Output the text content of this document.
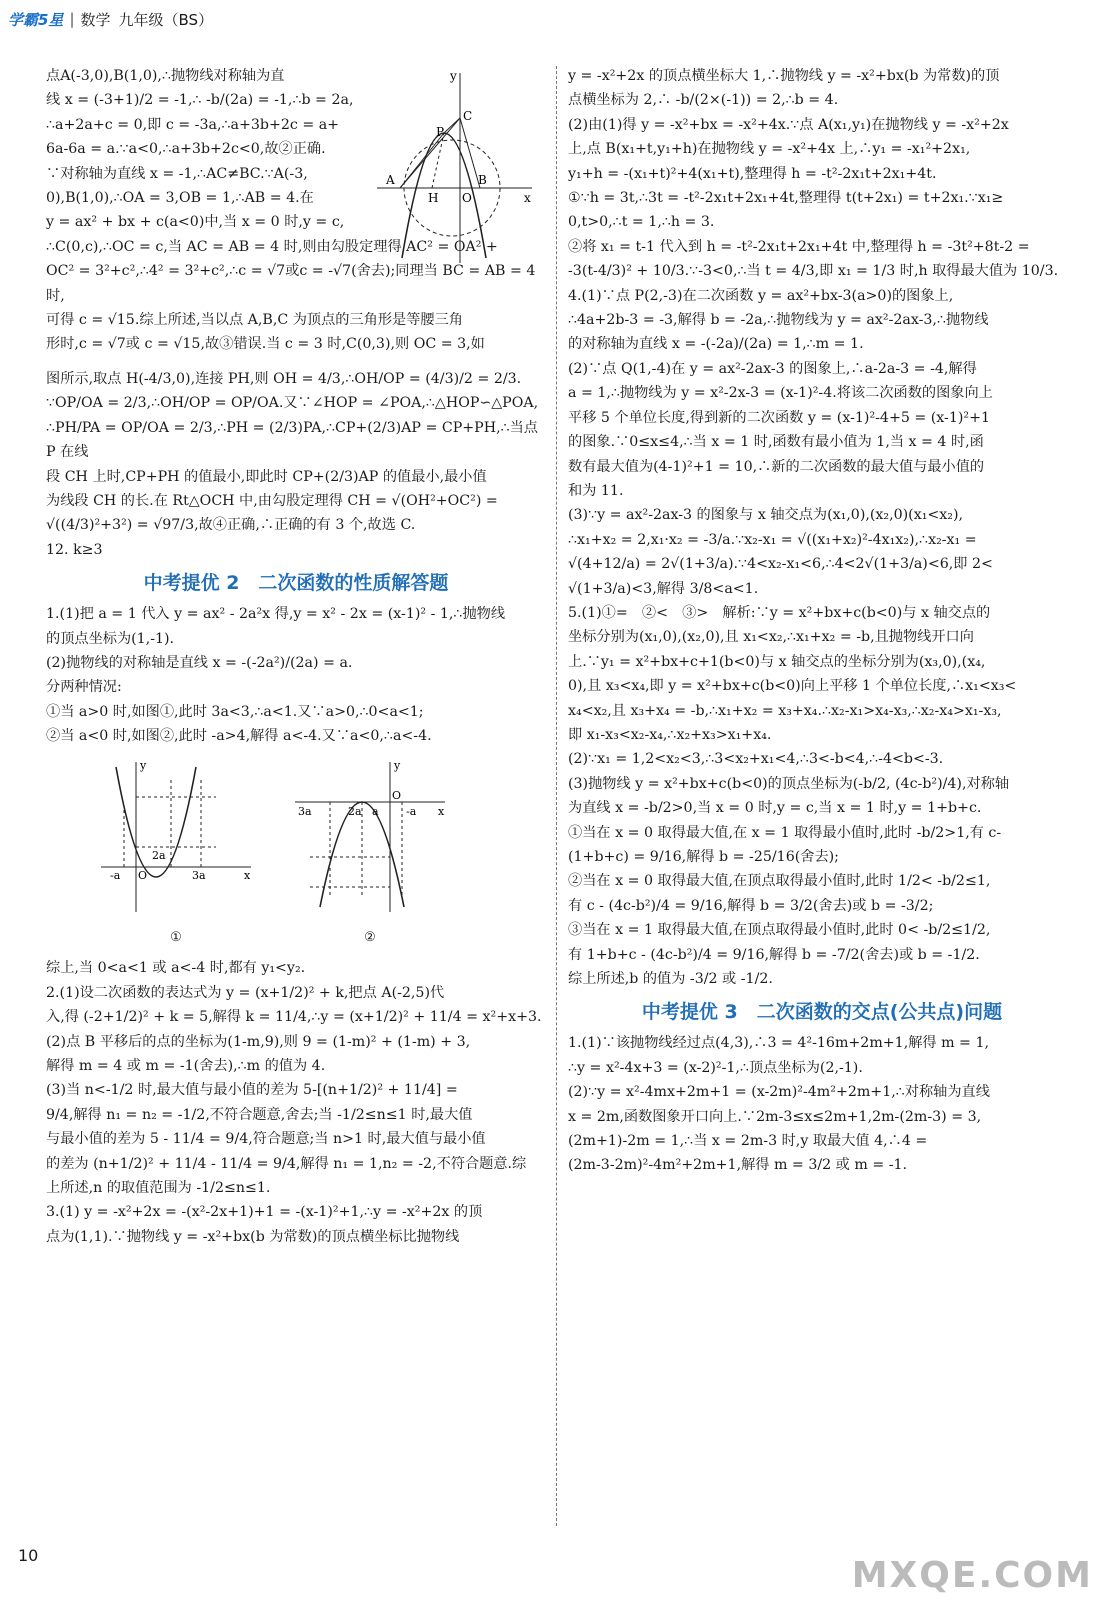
学霸5星 | 数学 九年级（BS）

点A(-3,0),B(1,0),∴抛物线对称轴为直

线 x = (-3+1)/2 = -1,∴ -b/(2a) = -1,∴b = 2a,

∴a+2a+c = 0,即 c = -3a,∴a+3b+2c = a+

6a-6a = a.∵a<0,∴a+3b+2c<0,故②正确.

∵对称轴为直线 x = -1,∴AC≠BC.∵A(-3,

0),B(1,0),∴OA = 3,OB = 1,∴AB = 4.在

y = ax² + bx + c(a<0)中,当 x = 0 时,y = c,

∴C(0,c),∴OC = c,当 AC = AB = 4 时,则由勾股定理得 AC² = OA² +

OC² = 3²+c²,∴4² = 3²+c²,∴c = √7或c = -√7(舍去);同理当 BC = AB = 4 时,

可得 c = √15.综上所述,当以点 A,B,C 为顶点的三角形是等腰三角

形时,c = √7或 c = √15,故③错误.当 c = 3 时,C(0,3),则 OC = 3,如

图所示,取点 H(-4/3,0),连接 PH,则 OH = 4/3,∴OH/OP = (4/3)/2 = 2/3.

∵OP/OA = 2/3,∴OH/OP = OP/OA.又∵∠HOP = ∠POA,∴△HOP∽△POA,

∴PH/PA = OP/OA = 2/3,∴PH = (2/3)PA,∴CP+(2/3)AP = CP+PH,∴当点 P 在线

段 CH 上时,CP+PH 的值最小,即此时 CP+(2/3)AP 的值最小,最小值

为线段 CH 的长.在 Rt△OCH 中,由勾股定理得 CH = √(OH²+OC²) =

√((4/3)²+3²) = √97/3,故④正确,∴正确的有 3 个,故选 C.

12. k≥3

中考提优 2　二次函数的性质解答题

1.(1)把 a = 1 代入 y = ax² - 2a²x 得,y = x² - 2x = (x-1)² - 1,∴抛物线

的顶点坐标为(1,-1).

(2)抛物线的对称轴是直线 x = -(-2a²)/(2a) = a.

分两种情况:

①当 a>0 时,如图①,此时 3a<3,∴a<1.又∵a>0,∴0<a<1;

②当 a<0 时,如图②,此时 -a>4,解得 a<-4.又∵a<0,∴a<-4.

y
2a
-a O	3a	x
①
y
3a	2a a
O
-a x
②

综上,当 0<a<1 或 a<-4 时,都有 y₁<y₂.

2.(1)设二次函数的表达式为 y = (x+1/2)² + k,把点 A(-2,5)代

入,得 (-2+1/2)² + k = 5,解得 k = 11/4,∴y = (x+1/2)² + 11/4 = x²+x+3.

(2)点 B 平移后的点的坐标为(1-m,9),则 9 = (1-m)² + (1-m) + 3,

解得 m = 4 或 m = -1(舍去),∴m 的值为 4.

(3)当 n<-1/2 时,最大值与最小值的差为 5-[(n+1/2)² + 11/4] =

9/4,解得 n₁ = n₂ = -1/2,不符合题意,舍去;当 -1/2≤n≤1 时,最大值

与最小值的差为 5 - 11/4 = 9/4,符合题意;当 n>1 时,最大值与最小值

的差为 (n+1/2)² + 11/4 - 11/4 = 9/4,解得 n₁ = 1,n₂ = -2,不符合题意.综

上所述,n 的取值范围为 -1/2≤n≤1.

3.(1) y = -x²+2x = -(x²-2x+1)+1 = -(x-1)²+1,∴y = -x²+2x 的顶

点为(1,1).∵抛物线 y = -x²+bx(b 为常数)的顶点横坐标比抛物线

y
P
C
A
H O
B
x

y = -x²+2x 的顶点横坐标大 1,∴抛物线 y = -x²+bx(b 为常数)的顶

点横坐标为 2,∴ -b/(2×(-1)) = 2,∴b = 4.

(2)由(1)得 y = -x²+bx = -x²+4x.∵点 A(x₁,y₁)在抛物线 y = -x²+2x

上,点 B(x₁+t,y₁+h)在抛物线 y = -x²+4x 上,∴y₁ = -x₁²+2x₁,

y₁+h = -(x₁+t)²+4(x₁+t),整理得 h = -t²-2x₁t+2x₁+4t.

①∵h = 3t,∴3t = -t²-2x₁t+2x₁+4t,整理得 t(t+2x₁) = t+2x₁.∵x₁≥

0,t>0,∴t = 1,∴h = 3.

②将 x₁ = t-1 代入到 h = -t²-2x₁t+2x₁+4t 中,整理得 h = -3t²+8t-2 =

-3(t-4/3)² + 10/3.∵-3<0,∴当 t = 4/3,即 x₁ = 1/3 时,h 取得最大值为 10/3.

4.(1)∵点 P(2,-3)在二次函数 y = ax²+bx-3(a>0)的图象上,

∴4a+2b-3 = -3,解得 b = -2a,∴抛物线为 y = ax²-2ax-3,∴抛物线

的对称轴为直线 x = -(-2a)/(2a) = 1,∴m = 1.

(2)∵点 Q(1,-4)在 y = ax²-2ax-3 的图象上,∴a-2a-3 = -4,解得

a = 1,∴抛物线为 y = x²-2x-3 = (x-1)²-4.将该二次函数的图象向上

平移 5 个单位长度,得到新的二次函数 y = (x-1)²-4+5 = (x-1)²+1

的图象.∵0≤x≤4,∴当 x = 1 时,函数有最小值为 1,当 x = 4 时,函

数有最大值为(4-1)²+1 = 10,∴新的二次函数的最大值与最小值的

和为 11.

(3)∵y = ax²-2ax-3 的图象与 x 轴交点为(x₁,0),(x₂,0)(x₁<x₂),

∴x₁+x₂ = 2,x₁·x₂ = -3/a.∵x₂-x₁ = √((x₁+x₂)²-4x₁x₂),∴x₂-x₁ =

√(4+12/a) = 2√(1+3/a).∵4<x₂-x₁<6,∴4<2√(1+3/a)<6,即 2<

√(1+3/a)<3,解得 3/8<a<1.

5.(1)①=　②<　③>　解析:∵y = x²+bx+c(b<0)与 x 轴交点的

坐标分别为(x₁,0),(x₂,0),且 x₁<x₂,∴x₁+x₂ = -b,且抛物线开口向

上.∵y₁ = x²+bx+c+1(b<0)与 x 轴交点的坐标分别为(x₃,0),(x₄,

0),且 x₃<x₄,即 y = x²+bx+c(b<0)向上平移 1 个单位长度,∴x₁<x₃<

x₄<x₂,且 x₃+x₄ = -b,∴x₁+x₂ = x₃+x₄.∴x₂-x₁>x₄-x₃,∴x₂-x₄>x₁-x₃,

即 x₁-x₃<x₂-x₄,∴x₂+x₃>x₁+x₄.

(2)∵x₁ = 1,2<x₂<3,∴3<x₂+x₁<4,∴3<-b<4,∴-4<b<-3.

(3)抛物线 y = x²+bx+c(b<0)的顶点坐标为(-b/2, (4c-b²)/4),对称轴

为直线 x = -b/2>0,当 x = 0 时,y = c,当 x = 1 时,y = 1+b+c.

①当在 x = 0 取得最大值,在 x = 1 取得最小值时,此时 -b/2>1,有 c-

(1+b+c) = 9/16,解得 b = -25/16(舍去);

②当在 x = 0 取得最大值,在顶点取得最小值时,此时 1/2< -b/2≤1,

有 c - (4c-b²)/4 = 9/16,解得 b = 3/2(舍去)或 b = -3/2;

③当在 x = 1 取得最大值,在顶点取得最小值时,此时 0< -b/2≤1/2,

有 1+b+c - (4c-b²)/4 = 9/16,解得 b = -7/2(舍去)或 b = -1/2.

综上所述,b 的值为 -3/2 或 -1/2.

中考提优 3　二次函数的交点(公共点)问题

1.(1)∵该抛物线经过点(4,3),∴3 = 4²-16m+2m+1,解得 m = 1,

∴y = x²-4x+3 = (x-2)²-1,∴顶点坐标为(2,-1).

(2)∵y = x²-4mx+2m+1 = (x-2m)²-4m²+2m+1,∴对称轴为直线

x = 2m,函数图象开口向上.∵2m-3≤x≤2m+1,2m-(2m-3) = 3,

(2m+1)-2m = 1,∴当 x = 2m-3 时,y 取最大值 4,∴4 =

(2m-3-2m)²-4m²+2m+1,解得 m = 3/2 或 m = -1.

10	MXQE.COM
